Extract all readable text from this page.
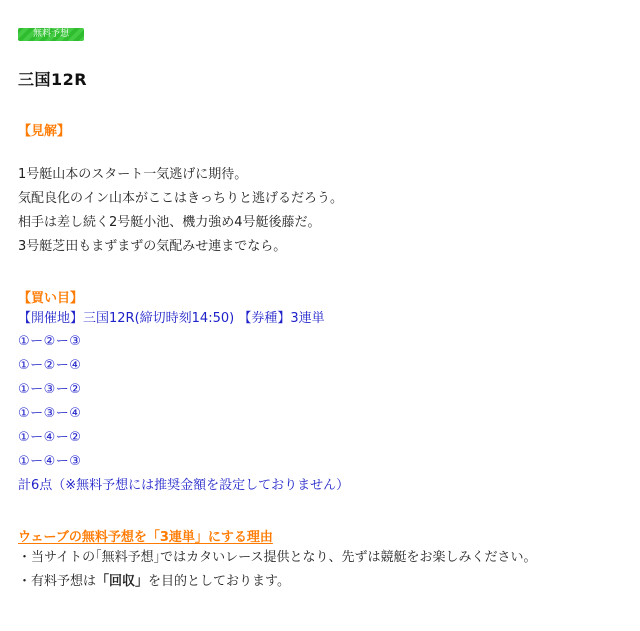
無料予想
三国12R
【見解】
1号艇山本のスタート一気逃げに期待。
気配良化のイン山本がここはきっちりと逃げるだろう。
相手は差し続く2号艇小池、機力強め4号艇後藤だ。
3号艇芝田もまずまずの気配みせ連までなら。
【買い目】
【開催地】三国12R(締切時刻14:50) 【券種】3連単
①ー②ー③
①ー②ー④
①ー③ー②
①ー③ー④
①ー④ー②
①ー④ー③
計6点（※無料予想には推奨金額を設定しておりません）
ウェーブの無料予想を「3連単」にする理由
・当サイトの｢無料予想｣ではカタいレース提供となり、先ずは競艇をお楽しみください。
・有料予想は「回収」を目的としております。
